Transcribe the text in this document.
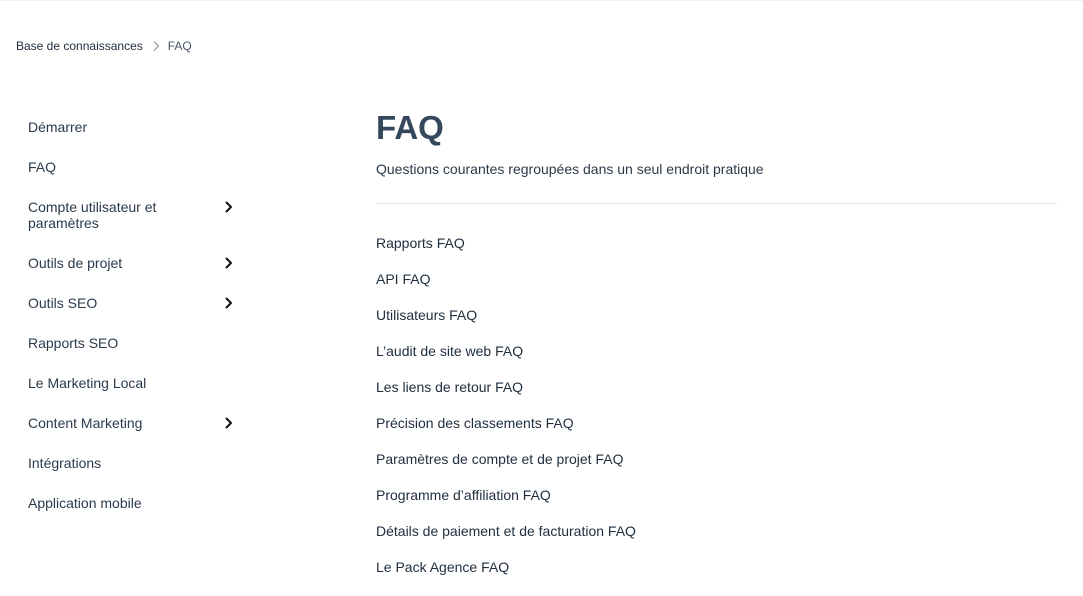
Base de connaissances FAQ
Démarrer
FAQ
Compte utilisateur et paramètres
Outils de projet
Outils SEO
Rapports SEO
Le Marketing Local
Content Marketing
Intégrations
Application mobile
FAQ
Questions courantes regroupées dans un seul endroit pratique
Rapports FAQ
API FAQ
Utilisateurs FAQ
L’audit de site web FAQ
Les liens de retour FAQ
Précision des classements FAQ
Paramètres de compte et de projet FAQ
Programme d’affiliation FAQ
Détails de paiement et de facturation FAQ
Le Pack Agence FAQ
